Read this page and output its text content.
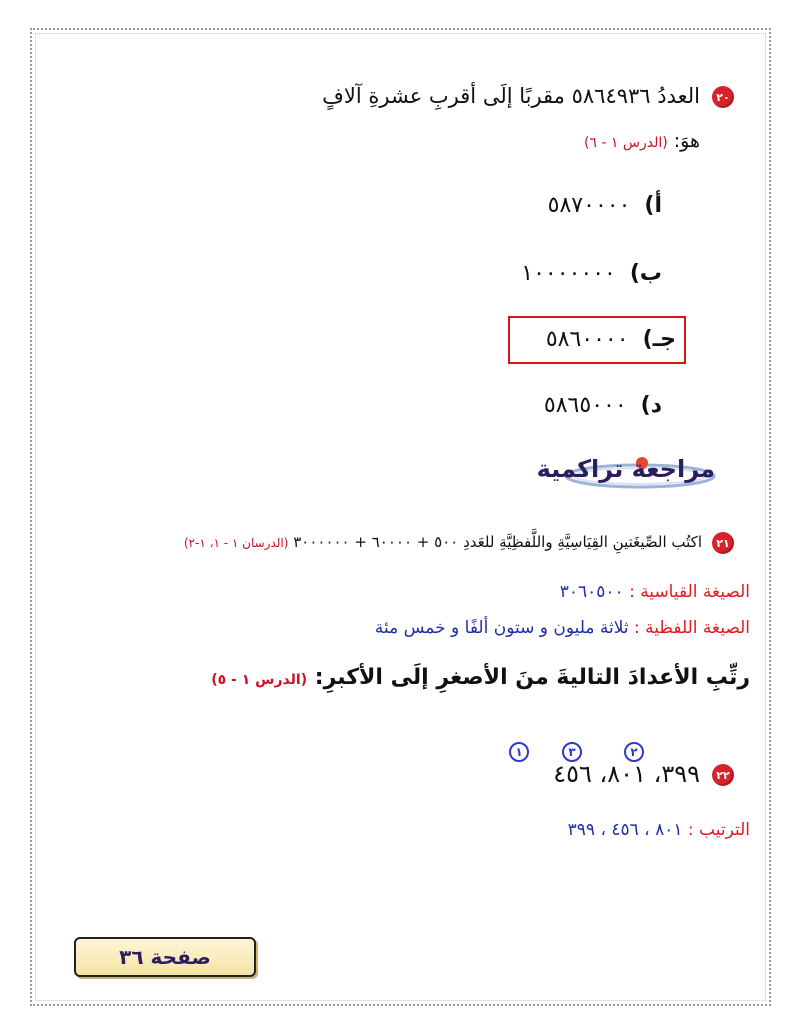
٢٠
العددُ ٥٨٦٤٩٣٦ مقربًا إلَى أقربِ عشرةِ آلافٍ
هوَ: (الدرس ١ - ٦)
أ)٥٨٧٠٠٠٠
ب)١٠٠٠٠٠٠٠
جـ)٥٨٦٠٠٠٠
د)٥٨٦٥٠٠٠
مراجعة تراكمية
٢١
اكتُب الصِّيغَتينِ القِيَاسِيَّةِ واللَّفظِيَّةِ للعَددِ ٥٠٠ + ٦٠٠٠٠ + ٣٠٠٠٠٠٠ (الدرسان ١ - ١، ١-٢)
الصيغة القياسية : ٣٠٦٠٥٠٠
الصيغة اللفظية : ثلاثة مليون و ستون ألفًا و خمس مئة
رتِّبِ الأعدادَ التاليةَ منَ الأصغرِ إلَى الأكبرِ: (الدرس ١ - ٥)
٢٢
١	٣	٢
٣٩٩، ٨٠١، ٤٥٦
الترتيب : ٨٠١ ، ٤٥٦ ، ٣٩٩
صفحة ٣٦
